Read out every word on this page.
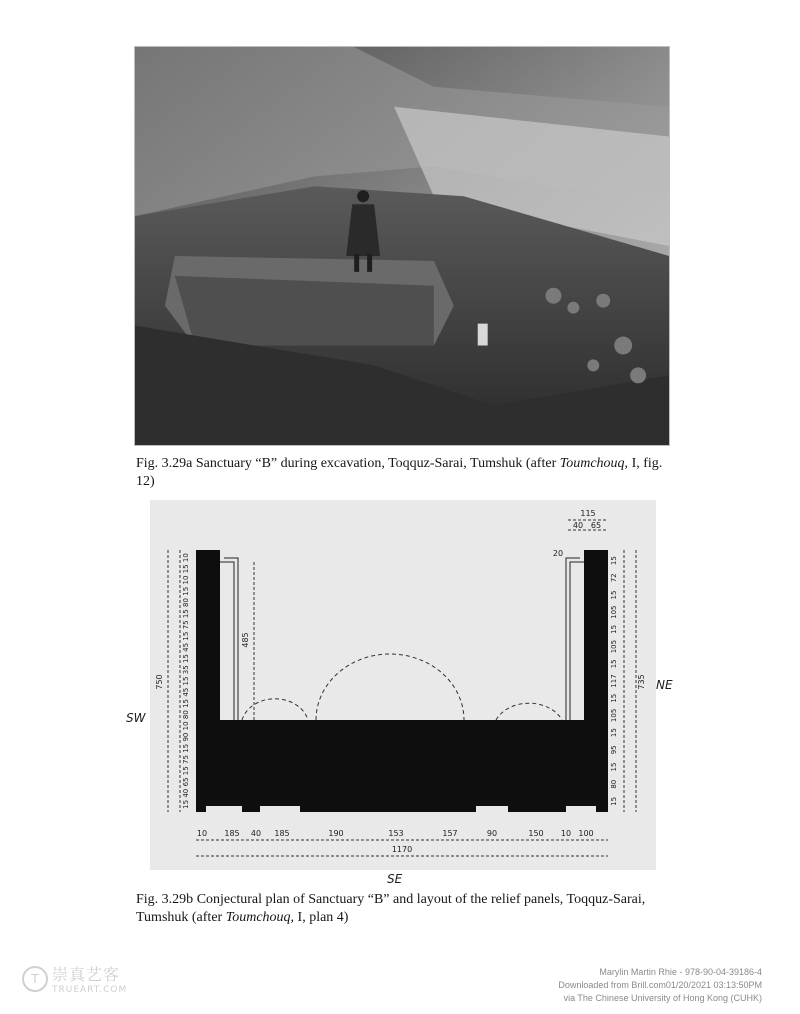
Fig. 3.29a Sanctuary “B” during excavation, Toqquz-Sarai, Tumshuk (after Toumchouq, I, fig. 12)
10 185 40 185	190	153	157	90	150 10 100
1170
115
40 65
20
750	735
485
10
15
10
15
80
15
75
15
45
15
35
15
45
15
80
10
90
15
75
15
65
40
15
15
72
15
105
15
105
15
117
15
105
15
95
15
80
15
SW
NE
SE
Fig. 3.29b Conjectural plan of Sanctuary “B” and layout of the relief panels, Toqquz-Sarai, Tumshuk (after Toumchouq, I, plan 4)
T 崇真艺客
TRUEART.COM
Marylin Martin Rhie - 978-90-04-39186-4
Downloaded from Brill.com01/20/2021 03:13:50PM
via The Chinese University of Hong Kong (CUHK)
